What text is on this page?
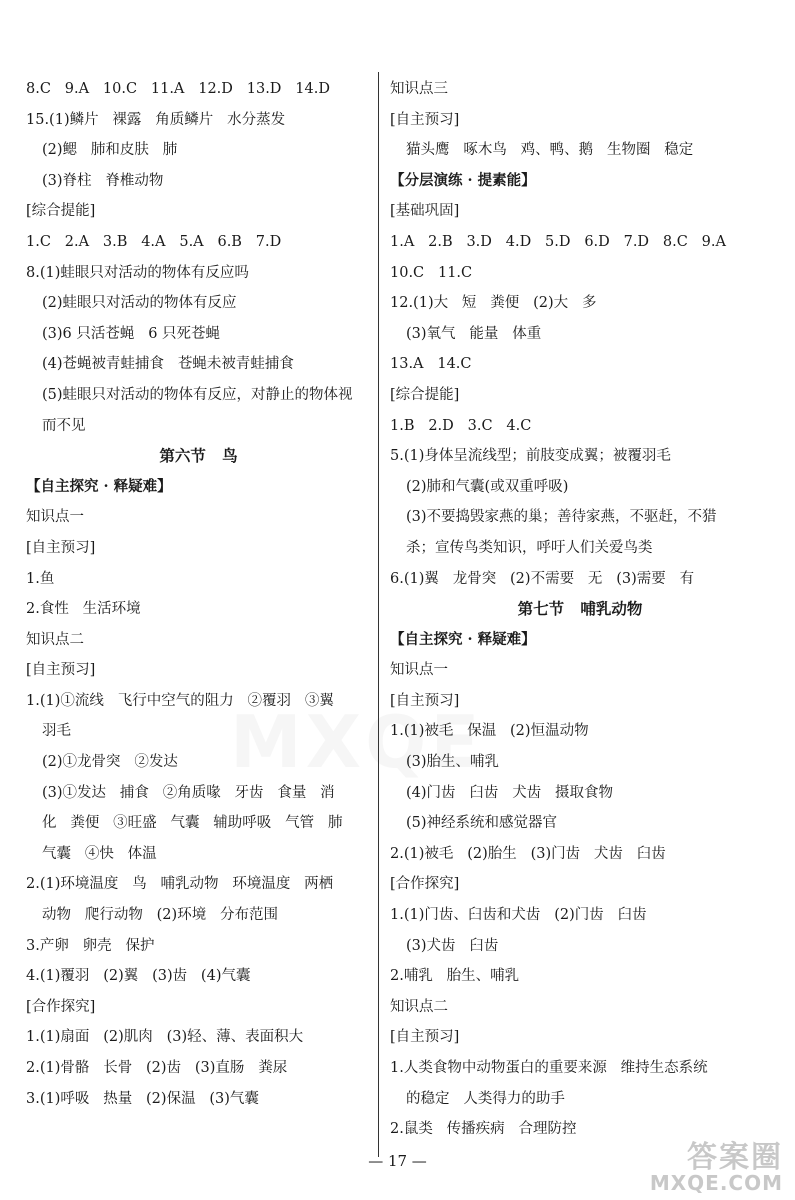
8.C   9.A   10.C   11.A   12.D   13.D   14.D
15.(1)鳞片   裸露   角质鳞片   水分蒸发
(2)鳃   肺和皮肤   肺
(3)脊柱   脊椎动物
[综合提能]
1.C   2.A   3.B   4.A   5.A   6.B   7.D
8.(1)蛙眼只对活动的物体有反应吗
(2)蛙眼只对活动的物体有反应
(3)6 只活苍蝇   6 只死苍蝇
(4)苍蝇被青蛙捕食   苍蝇未被青蛙捕食
(5)蛙眼只对活动的物体有反应，对静止的物体视
而不见
第六节   鸟
【自主探究 · 释疑难】
知识点一
[自主预习]
1.鱼
2.食性   生活环境
知识点二
[自主预习]
1.(1)①流线   飞行中空气的阻力   ②覆羽   ③翼
羽毛
(2)①龙骨突   ②发达
(3)①发达   捕食   ②角质喙   牙齿   食量   消
化   粪便   ③旺盛   气囊   辅助呼吸   气管   肺
气囊   ④快   体温
2.(1)环境温度   鸟   哺乳动物   环境温度   两栖
动物   爬行动物   (2)环境   分布范围
3.产卵   卵壳   保护
4.(1)覆羽   (2)翼   (3)齿   (4)气囊
[合作探究]
1.(1)扇面   (2)肌肉   (3)轻、薄、表面积大
2.(1)骨骼   长骨   (2)齿   (3)直肠   粪尿
3.(1)呼吸   热量   (2)保温   (3)气囊
知识点三
[自主预习]
猫头鹰   啄木鸟   鸡、鸭、鹅   生物圈   稳定
【分层演练 · 提素能】
[基础巩固]
1.A   2.B   3.D   4.D   5.D   6.D   7.D   8.C   9.A
10.C   11.C
12.(1)大   短   粪便   (2)大   多
(3)氧气   能量   体重
13.A   14.C
[综合提能]
1.B   2.D   3.C   4.C
5.(1)身体呈流线型；前肢变成翼；被覆羽毛
(2)肺和气囊(或双重呼吸)
(3)不要捣毁家燕的巢；善待家燕，不驱赶，不猎
杀；宣传鸟类知识，呼吁人们关爱鸟类
6.(1)翼   龙骨突   (2)不需要   无   (3)需要   有
第七节   哺乳动物
【自主探究 · 释疑难】
知识点一
[自主预习]
1.(1)被毛   保温   (2)恒温动物
(3)胎生、哺乳
(4)门齿   臼齿   犬齿   摄取食物
(5)神经系统和感觉器官
2.(1)被毛   (2)胎生   (3)门齿   犬齿   臼齿
[合作探究]
1.(1)门齿、臼齿和犬齿   (2)门齿   臼齿
(3)犬齿   臼齿
2.哺乳   胎生、哺乳
知识点二
[自主预习]
1.人类食物中动物蛋白的重要来源   维持生态系统
的稳定   人类得力的助手
2.鼠类   传播疾病   合理防控
— 17 —	答案圈
MXQE.COM
